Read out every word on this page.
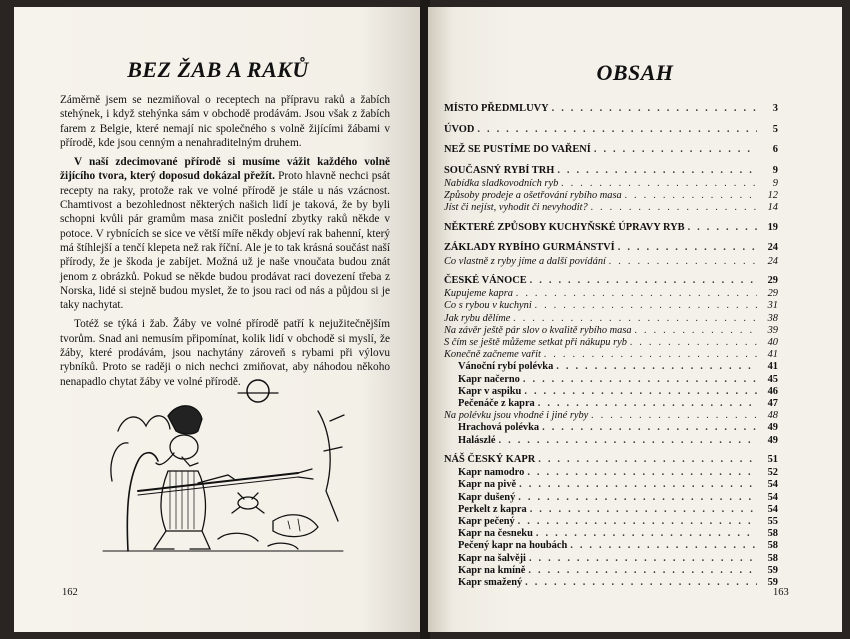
BEZ ŽAB A RAKŮ

Záměrně jsem se nezmiňoval o receptech na přípravu raků a žabích stehýnek, i když stehýnka sám v obchodě prodávám. Jsou však z žabích farem z Belgie, které nemají nic společného s volně žijícími žábami v přírodě, kde jsou cenným a nenahraditelným druhem.

V naší zdecimované přírodě si musíme vážit každého volně žijícího tvora, který doposud dokázal přežít. Proto hlavně nechci psát recepty na raky, protože rak ve volné přírodě je stále u nás vzácnost. Chamtivost a bezohlednost některých našich lidí je taková, že by byli schopni kvůli pár gramům masa zničit poslední zbytky raků někde v potoce. V rybnících se sice ve větší míře někdy objeví rak bahenní, který má štíhlejší a tenčí klepeta než rak říční. Ale je to tak krásná součást naší přírody, že je škoda je zabíjet. Možná už je naše vnoučata budou znát jenom z obrázků. Pokud se někde budou prodávat raci dovezení třeba z Norska, lidé si stejně budou myslet, že to jsou raci od nás a půjdou si je taky nachytat.

Totéž se týká i žab. Žáby ve volné přírodě patří k nejužitečnějším tvorům. Snad ani nemusím připomínat, kolik lidí v obchodě si myslí, že žáby, které prodávám, jsou nachytány zároveň s rybami při výlovu rybníků. Proto se raději o nich nechci zmiňovat, aby náhodou někoho nenapadlo chytat žáby ve volné přírodě.

162
OBSAH
MÍSTO PŘEDMLUVY . . .	3
ÚVOD . . .	5
NEŽ SE PUSTÍME DO VAŘENÍ . . .	6
SOUČASNÝ RYBÍ TRH . . .	9
Nabídka sladkovodních ryb . . .	9
Způsoby prodeje a ošetřování rybího masa . . .	12
Jíst či nejíst, vyhodit či nevyhodit? . . .	14
NĚKTERÉ ZPŮSOBY KUCHYŇSKÉ ÚPRAVY RYB . . .	19
ZÁKLADY RYBÍHO GURMÁNSTVÍ . . .	24
Co vlastně z ryby jíme a další povídání . . .	24
ČESKÉ VÁNOCE . . .	29
Kupujeme kapra . . .	29
Co s rybou v kuchyni . . .	31
Jak rybu dělíme . . .	38
Na závěr ještě pár slov o kvalitě rybího masa . . .	39
S čím se ještě můžeme setkat při nákupu ryb . . .	40
Konečně začneme vařit . . .	41
Vánoční rybí polévka . . .	41
Kapr načerno . . .	45
Kapr v aspiku . . .	46
Pečenáče z kapra . . .	47
Na polévku jsou vhodné i jiné ryby . . .	48
Hrachová polévka . . .	49
Halászlé . . .	49
NÁŠ ČESKÝ KAPR . . .	51
Kapr namodro . . .	52
Kapr na pivě . . .	54
Kapr dušený . . .	54
Perkelt z kapra . . .	54
Kapr pečený . . .	55
Kapr na česneku . . .	58
Pečený kapr na houbách . . .	58
Kapr na šalvěji . . .	58
Kapr na kmíně . . .	59
Kapr smažený . . .	59
163
